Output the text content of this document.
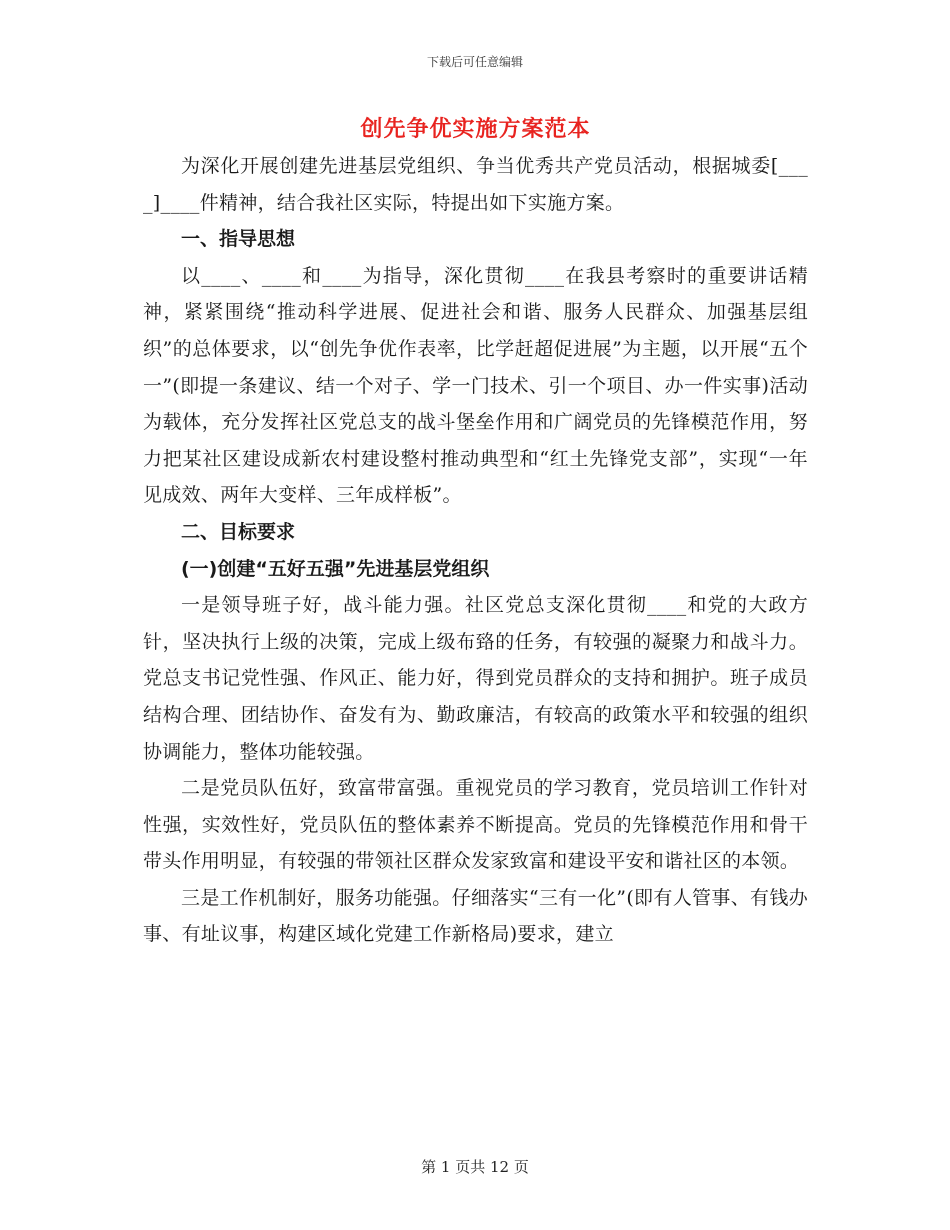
下载后可任意编辑
创先争优实施方案范本

为深化开展创建先进基层党组织、争当优秀共产党员活动，根据城委[____]____件精神，结合我社区实际，特提出如下实施方案。

一、指导思想

以____、____和____为指导，深化贯彻____在我县考察时的重要讲话精神，紧紧围绕“推动科学进展、促进社会和谐、服务人民群众、加强基层组织”的总体要求，以“创先争优作表率，比学赶超促进展”为主题，以开展“五个一”(即提一条建议、结一个对子、学一门技术、引一个项目、办一件实事)活动为载体，充分发挥社区党总支的战斗堡垒作用和广阔党员的先锋模范作用，努力把某社区建设成新农村建设整村推动典型和“红土先锋党支部”，实现“一年见成效、两年大变样、三年成样板”。

二、目标要求

(一)创建“五好五强”先进基层党组织

一是领导班子好，战斗能力强。社区党总支深化贯彻____和党的大政方针，坚决执行上级的决策，完成上级布臵的任务，有较强的凝聚力和战斗力。党总支书记党性强、作风正、能力好，得到党员群众的支持和拥护。班子成员结构合理、团结协作、奋发有为、勤政廉洁，有较高的政策水平和较强的组织协调能力，整体功能较强。

二是党员队伍好，致富带富强。重视党员的学习教育，党员培训工作针对性强，实效性好，党员队伍的整体素养不断提高。党员的先锋模范作用和骨干带头作用明显，有较强的带领社区群众发家致富和建设平安和谐社区的本领。

三是工作机制好，服务功能强。仔细落实“三有一化”(即有人管事、有钱办事、有址议事，构建区域化党建工作新格局)要求，建立

第 1 页共 12 页
